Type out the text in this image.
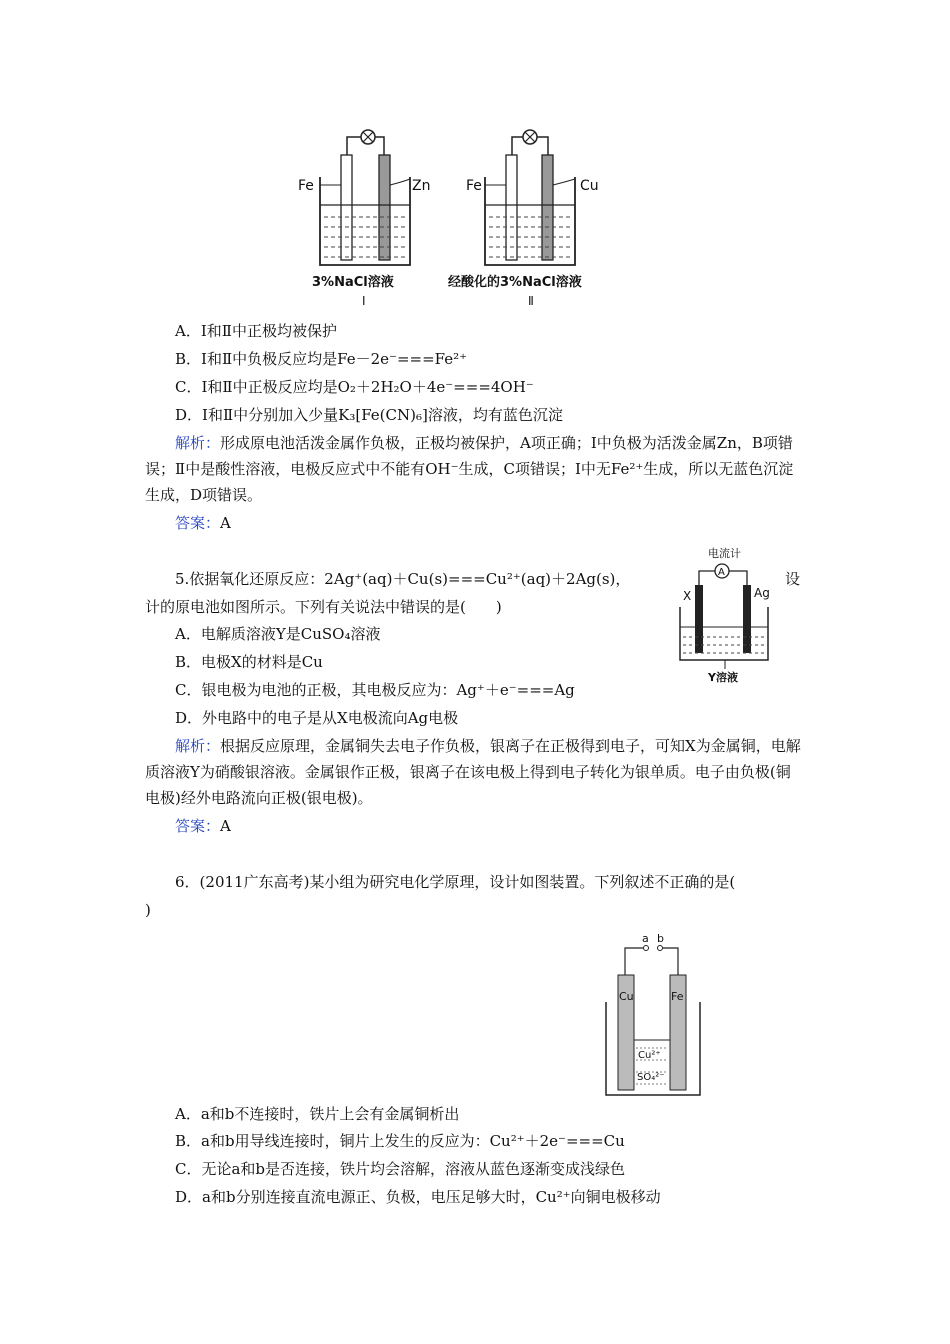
Fe	Zn
3%NaCl溶液
Ⅰ
Fe	Cu
经酸化的3%NaCl溶液
Ⅱ
A．Ⅰ和Ⅱ中正极均被保护
B．Ⅰ和Ⅱ中负极反应均是Fe－2e⁻===Fe²⁺
C．Ⅰ和Ⅱ中正极反应均是O₂＋2H₂O＋4e⁻===4OH⁻
D．Ⅰ和Ⅱ中分别加入少量K₃[Fe(CN)₆]溶液，均有蓝色沉淀
解析：形成原电池活泼金属作负极，正极均被保护，A项正确；Ⅰ中负极为活泼金属Zn，B项错误；Ⅱ中是酸性溶液，电极反应式中不能有OH⁻生成，C项错误；Ⅰ中无Fe²⁺生成，所以无蓝色沉淀生成，D项错误。
答案：A
5.依据氧化还原反应：2Ag⁺(aq)＋Cu(s)===Cu²⁺(aq)＋2Ag(s)，	设
计的原电池如图所示。下列有关说法中错误的是(　　)
A．电解质溶液Y是CuSO₄溶液
B．电极X的材料是Cu
C．银电极为电池的正极，其电极反应为：Ag⁺＋e⁻===Ag
D．外电路中的电子是从X电极流向Ag电极
电流计
A
X	Ag
Y溶液
解析：根据反应原理，金属铜失去电子作负极，银离子在正极得到电子，可知X为金属铜，电解质溶液Y为硝酸银溶液。金属银作正极，银离子在该电极上得到电子转化为银单质。电子由负极(铜电极)经外电路流向正极(银电极)。
答案：A
6．(2011广东高考)某小组为研究电化学原理，设计如图装置。下列叙述不正确的是(
)
a b
Cu	Fe
Cu²⁺
SO₄²⁻
A．a和b不连接时，铁片上会有金属铜析出
B．a和b用导线连接时，铜片上发生的反应为：Cu²⁺＋2e⁻===Cu
C．无论a和b是否连接，铁片均会溶解，溶液从蓝色逐渐变成浅绿色
D．a和b分别连接直流电源正、负极，电压足够大时，Cu²⁺向铜电极移动
